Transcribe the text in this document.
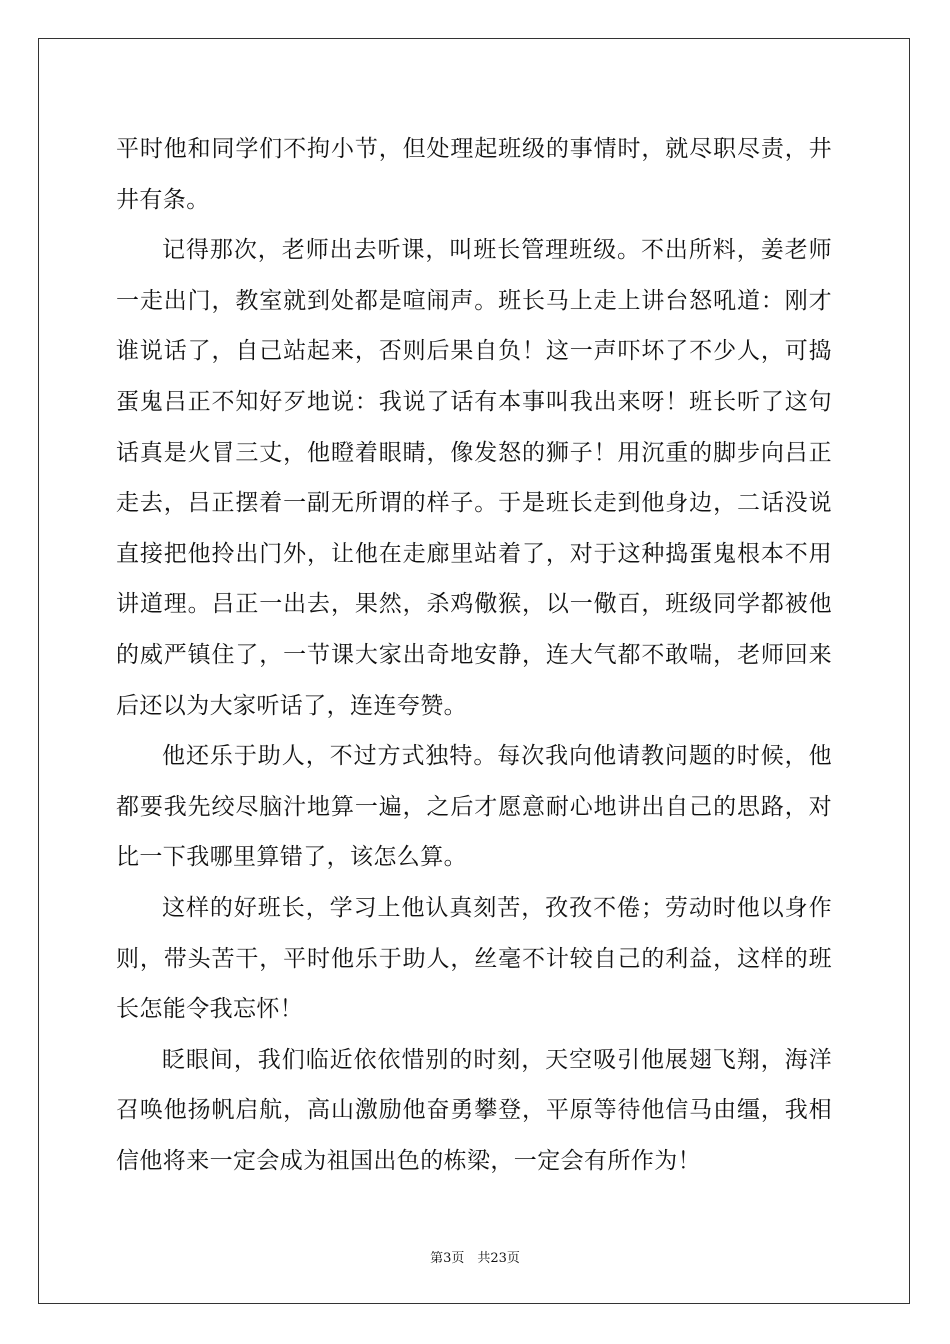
平时他和同学们不拘小节，但处理起班级的事情时，就尽职尽责，井井有条。

记得那次，老师出去听课，叫班长管理班级。不出所料，姜老师一走出门，教室就到处都是喧闹声。班长马上走上讲台怒吼道：刚才谁说话了，自己站起来，否则后果自负！这一声吓坏了不少人，可捣蛋鬼吕正不知好歹地说：我说了话有本事叫我出来呀！班长听了这句话真是火冒三丈，他瞪着眼睛，像发怒的狮子！用沉重的脚步向吕正走去，吕正摆着一副无所谓的样子。于是班长走到他身边，二话没说直接把他拎出门外，让他在走廊里站着了，对于这种捣蛋鬼根本不用讲道理。吕正一出去，果然，杀鸡儆猴，以一儆百，班级同学都被他的威严镇住了，一节课大家出奇地安静，连大气都不敢喘，老师回来后还以为大家听话了，连连夸赞。

他还乐于助人，不过方式独特。每次我向他请教问题的时候，他都要我先绞尽脑汁地算一遍，之后才愿意耐心地讲出自己的思路，对比一下我哪里算错了，该怎么算。

这样的好班长，学习上他认真刻苦，孜孜不倦；劳动时他以身作则，带头苦干，平时他乐于助人，丝毫不计较自己的利益，这样的班长怎能令我忘怀！

眨眼间，我们临近依依惜别的时刻，天空吸引他展翅飞翔，海洋召唤他扬帆启航，高山激励他奋勇攀登，平原等待他信马由缰，我相信他将来一定会成为祖国出色的栋梁，一定会有所作为！

第3页　共23页
